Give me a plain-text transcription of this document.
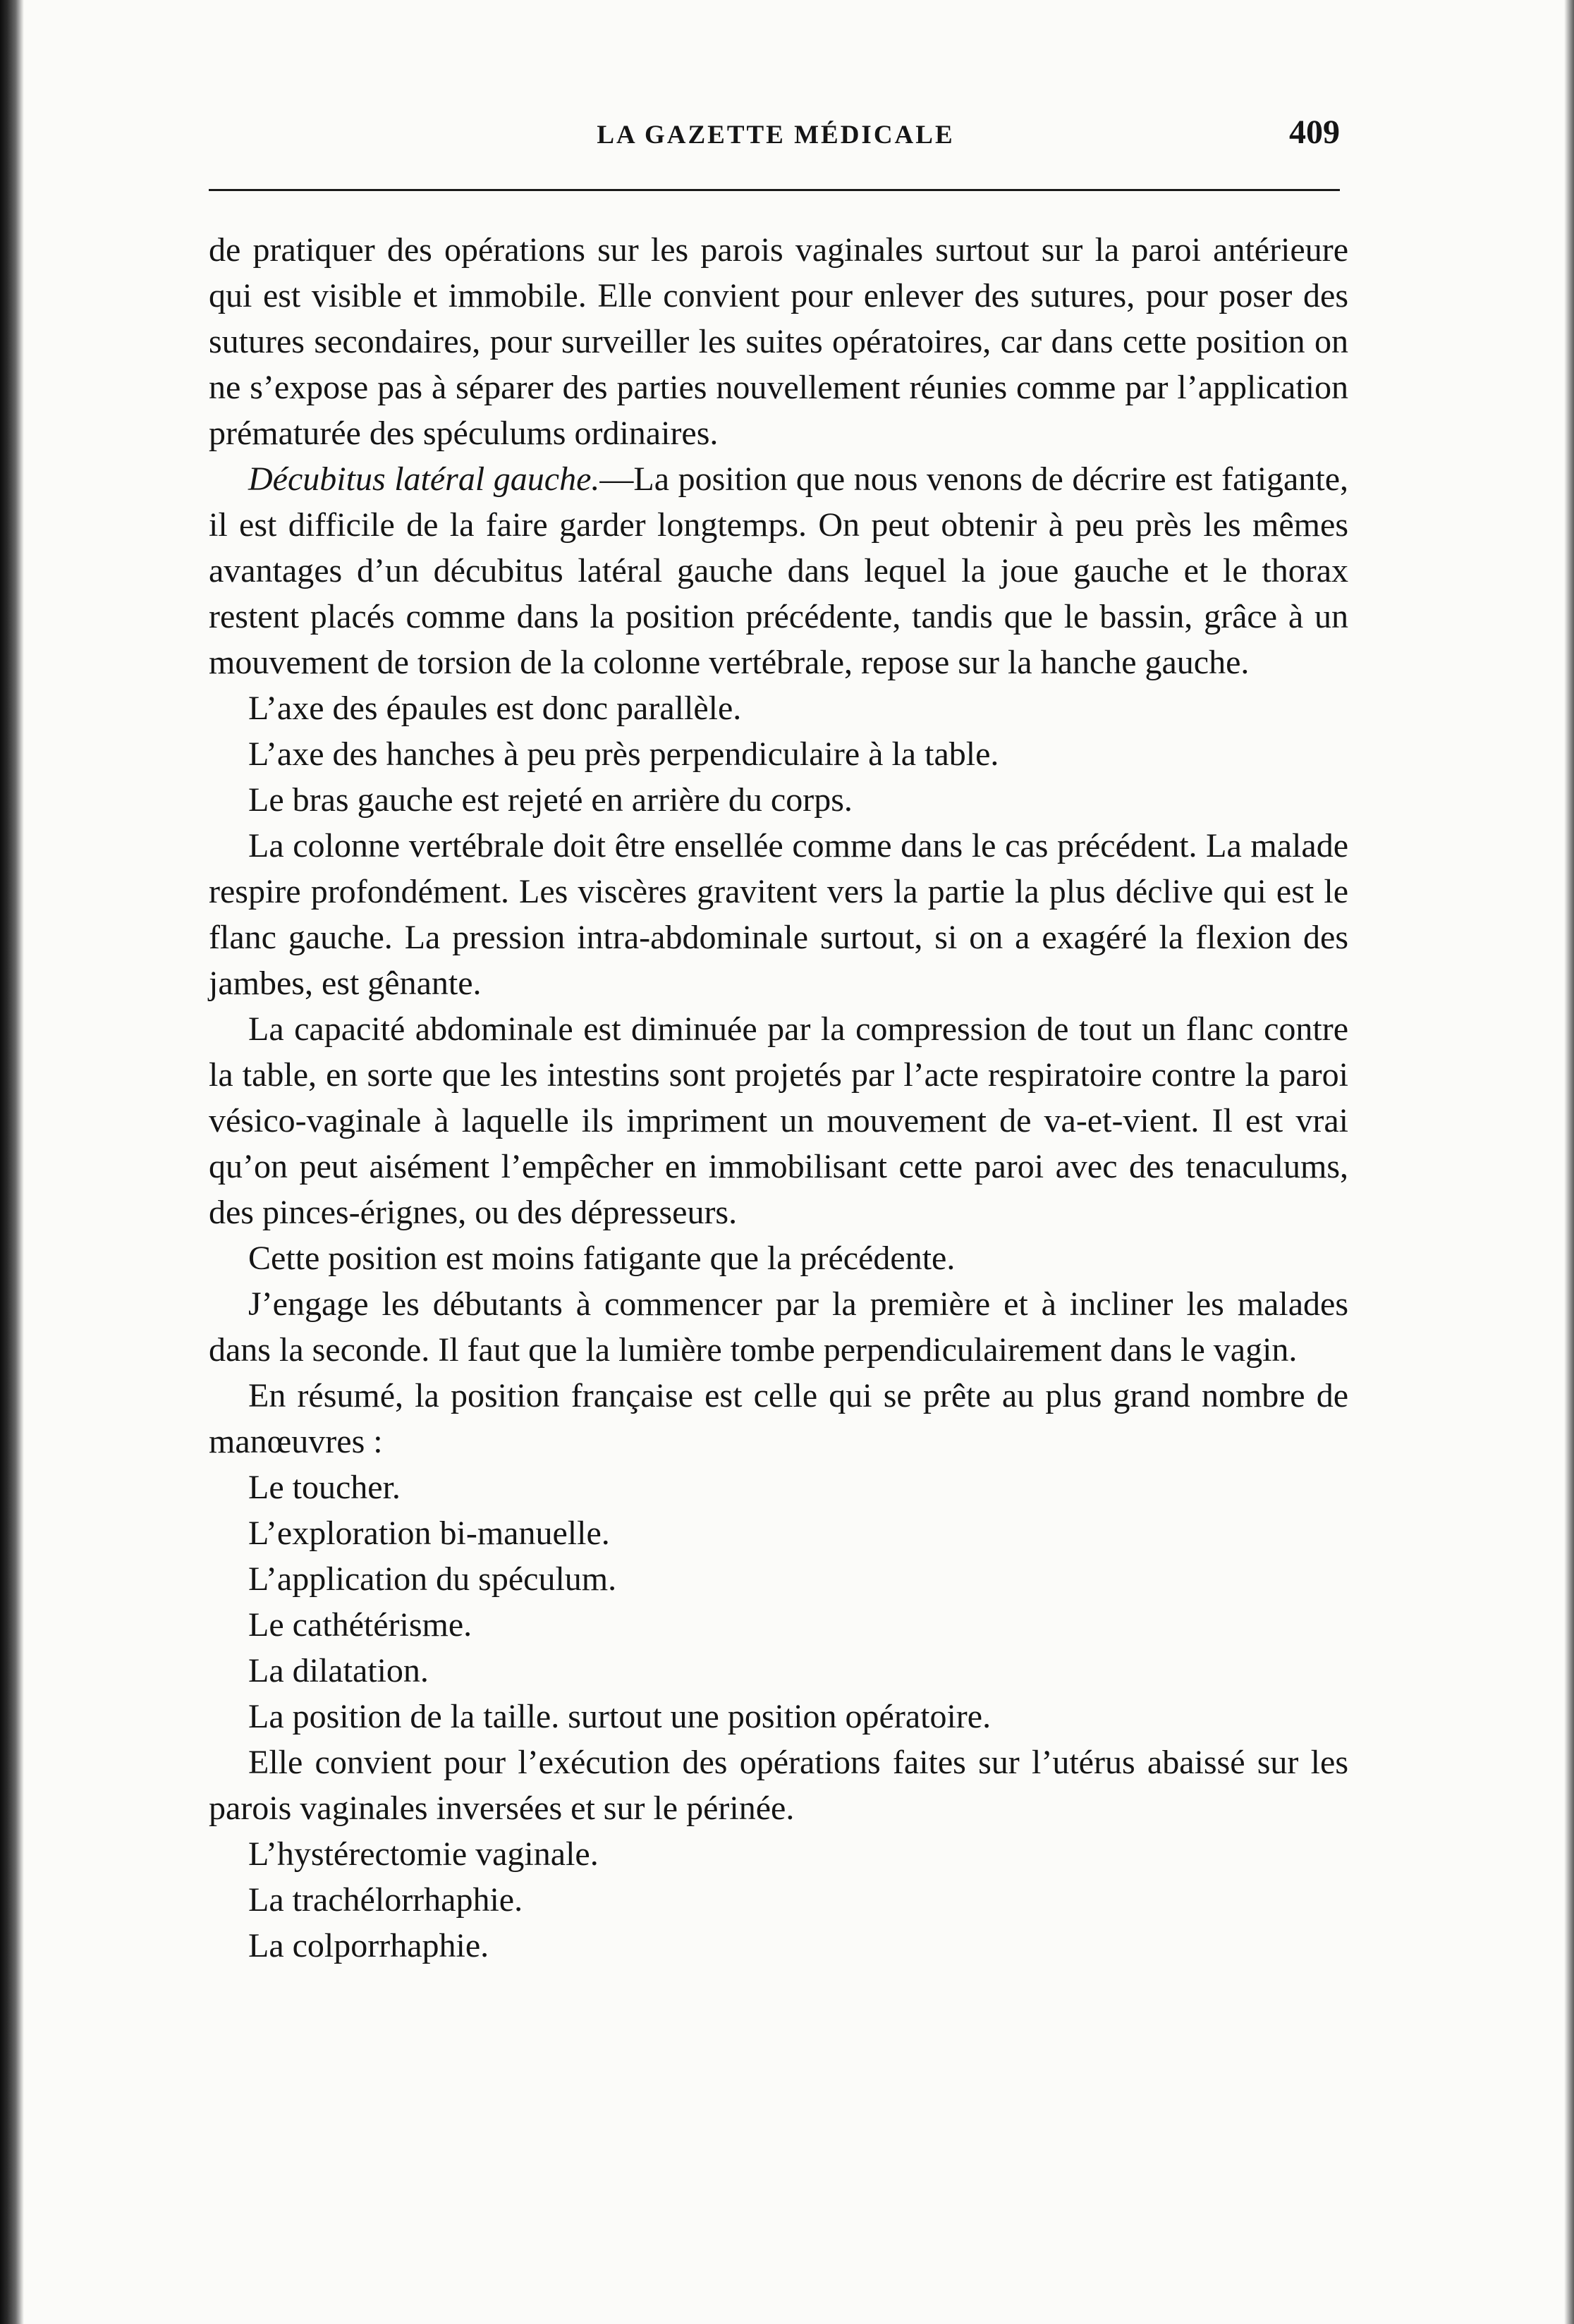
LA GAZETTE MÉDICALE	409

de pratiquer des opérations sur les parois vaginales surtout sur la paroi antérieure qui est visible et immobile. Elle convient pour enlever des sutures, pour poser des sutures secondaires, pour surveiller les suites opératoires, car dans cette position on ne s’expose pas à séparer des parties nouvellement réunies comme par l’application prématurée des spéculums ordinaires.

Décubitus latéral gauche.—La position que nous venons de décrire est fatigante, il est difficile de la faire garder longtemps. On peut obtenir à peu près les mêmes avantages d’un décubitus latéral gauche dans lequel la joue gauche et le thorax restent placés comme dans la position précédente, tandis que le bassin, grâce à un mouvement de torsion de la colonne vertébrale, repose sur la hanche gauche.

L’axe des épaules est donc parallèle.

L’axe des hanches à peu près perpendiculaire à la table.

Le bras gauche est rejeté en arrière du corps.

La colonne vertébrale doit être ensellée comme dans le cas précédent. La malade respire profondément. Les viscères gravitent vers la partie la plus déclive qui est le flanc gauche. La pression intra-abdominale surtout, si on a exagéré la flexion des jambes, est gênante.

La capacité abdominale est diminuée par la compression de tout un flanc contre la table, en sorte que les intestins sont projetés par l’acte respiratoire contre la paroi vésico-vaginale à laquelle ils impriment un mouvement de va-et-vient. Il est vrai qu’on peut aisément l’empêcher en immobilisant cette paroi avec des tenaculums, des pinces-érignes, ou des dépresseurs.

Cette position est moins fatigante que la précédente.

J’engage les débutants à commencer par la première et à incliner les malades dans la seconde. Il faut que la lumière tombe perpendiculairement dans le vagin.

En résumé, la position française est celle qui se prête au plus grand nombre de manœuvres :

Le toucher.

L’exploration bi-manuelle.

L’application du spéculum.

Le cathétérisme.

La dilatation.

La position de la taille. surtout une position opératoire.

Elle convient pour l’exécution des opérations faites sur l’utérus abaissé sur les parois vaginales inversées et sur le périnée.

L’hystérectomie vaginale.

La trachélorrhaphie.

La colporrhaphie.
